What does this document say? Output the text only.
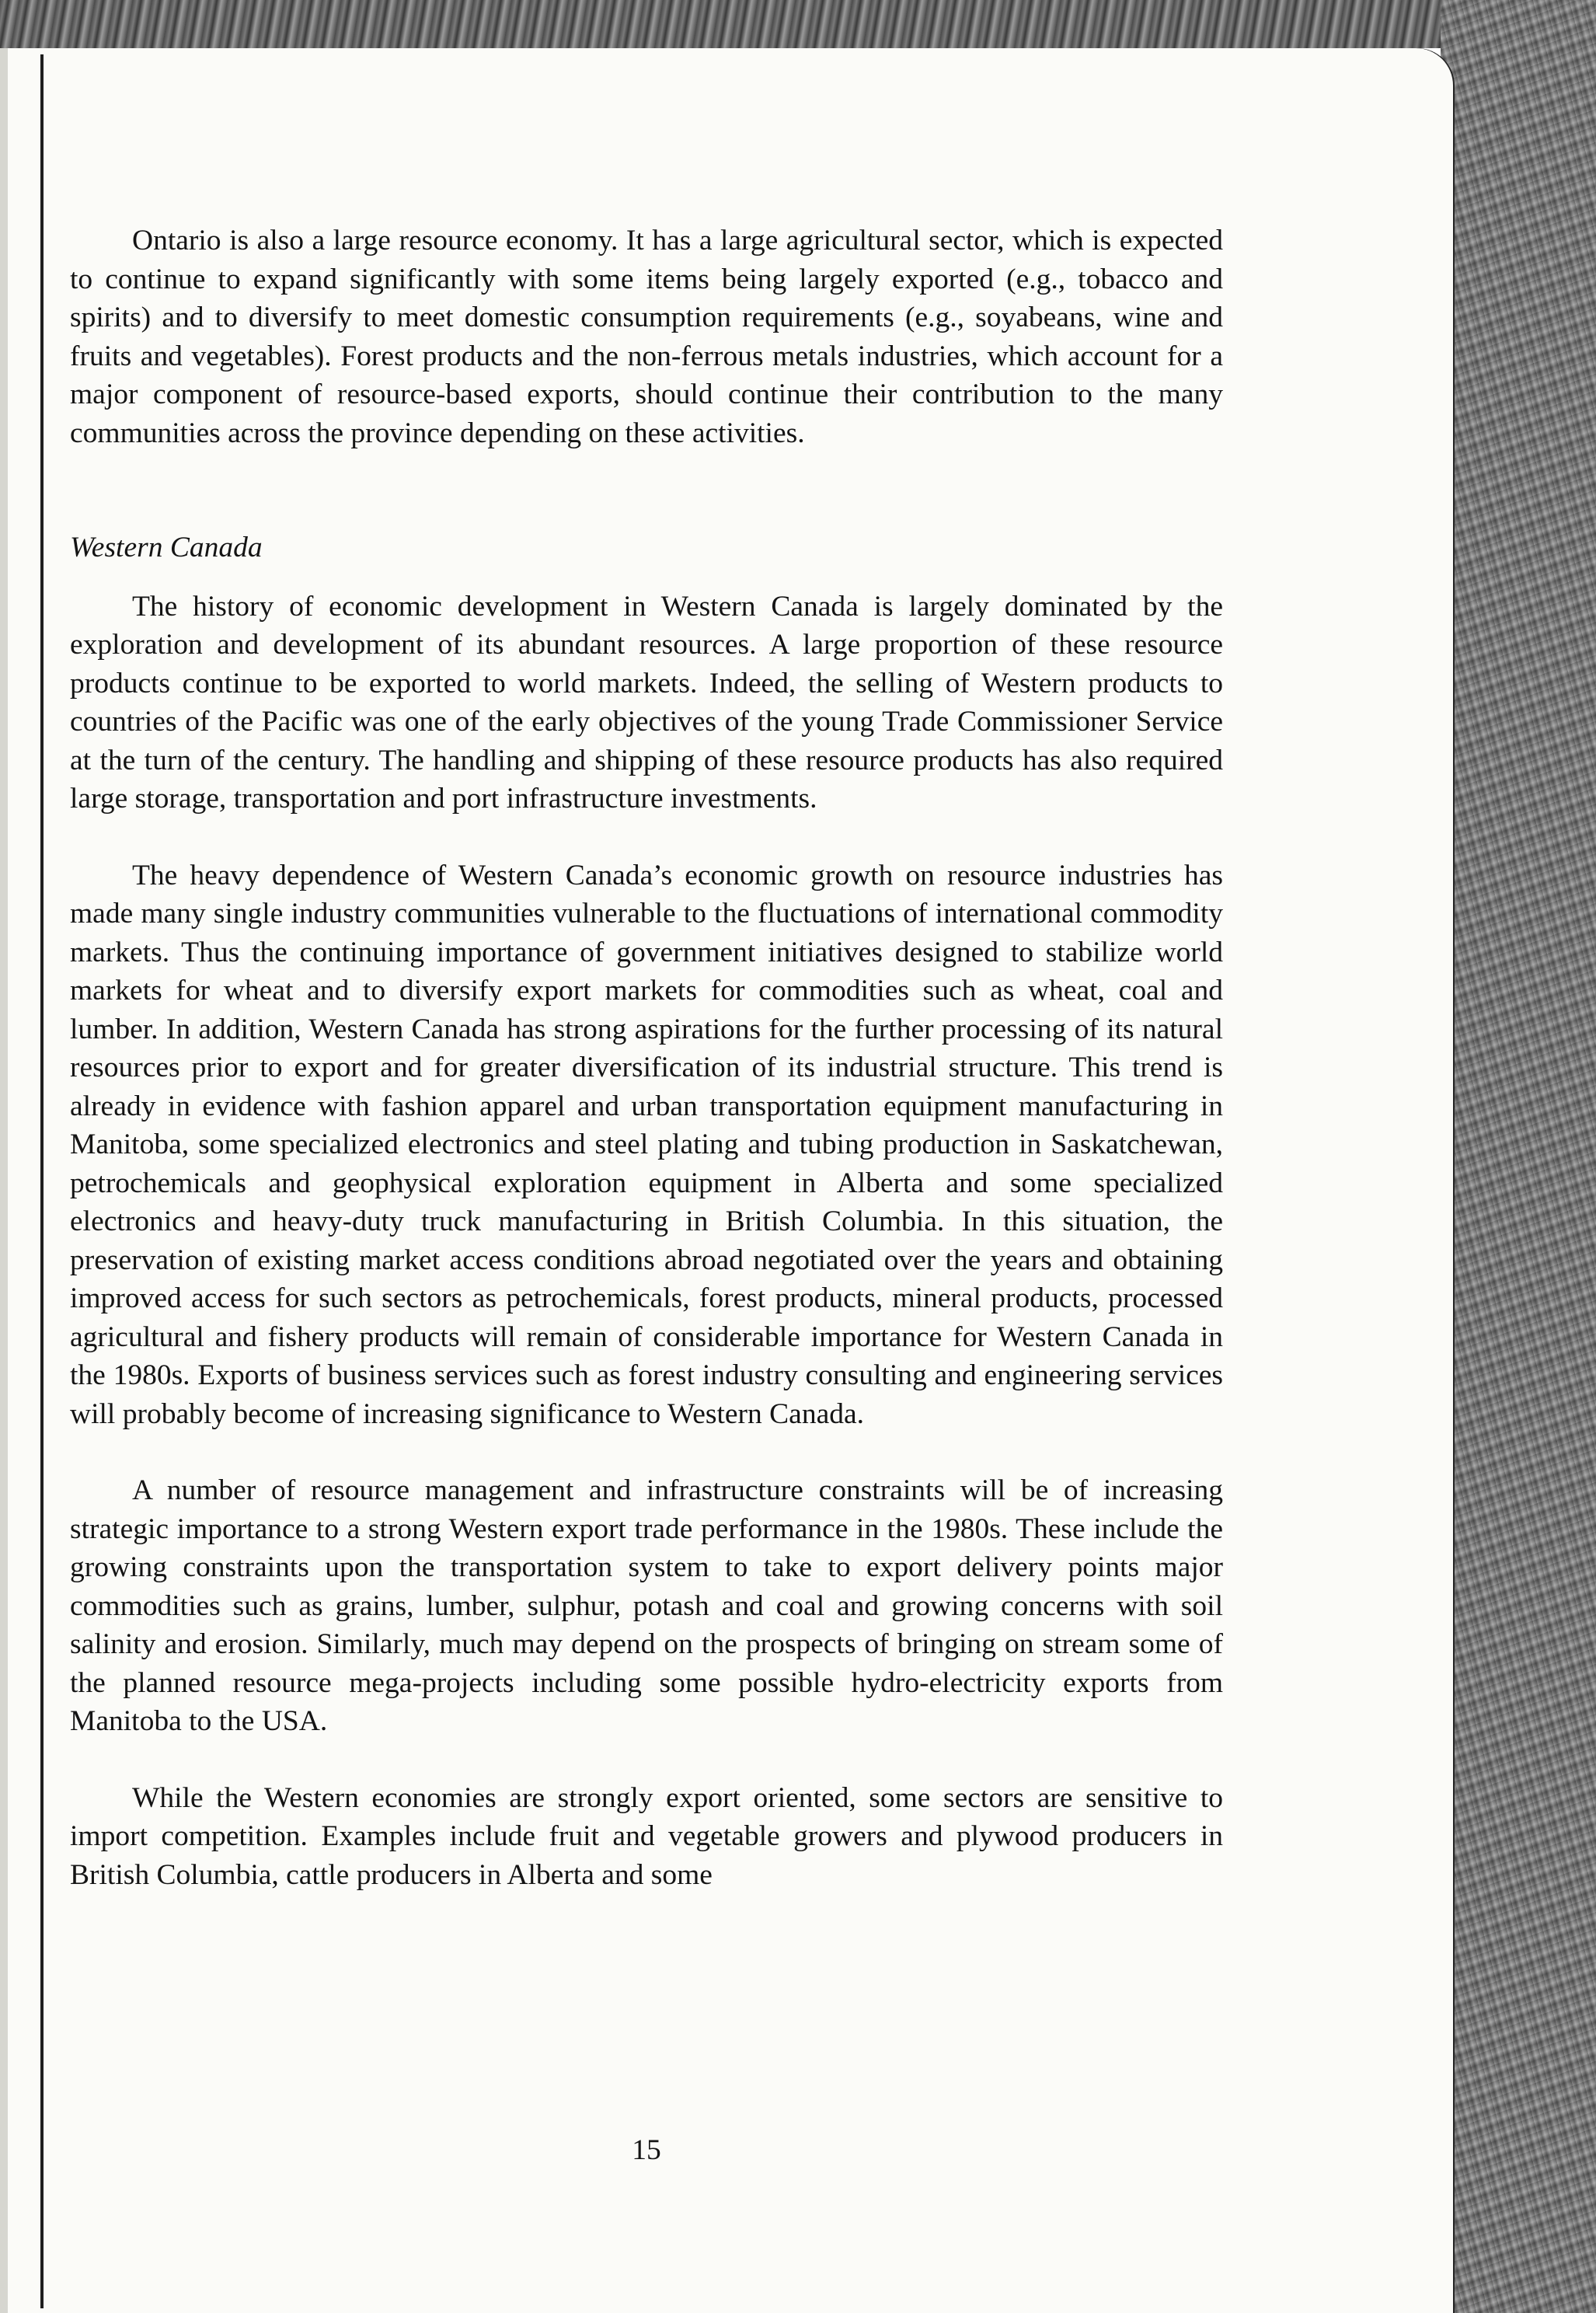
Ontario is also a large resource economy. It has a large agricultural sector, which is expected to continue to expand significantly with some items being largely exported (e.g., tobacco and spirits) and to diversify to meet domestic consumption requirements (e.g., soyabeans, wine and fruits and vegetables). Forest products and the non-ferrous metals industries, which account for a major component of resource-based exports, should continue their contribution to the many communities across the province depending on these activities.

Western Canada

The history of economic development in Western Canada is largely dominated by the exploration and development of its abundant resources. A large proportion of these resource products continue to be exported to world markets. Indeed, the selling of Western products to countries of the Pacific was one of the early objectives of the young Trade Commissioner Service at the turn of the century. The handling and shipping of these resource products has also required large storage, transportation and port infrastructure investments.

The heavy dependence of Western Canada’s economic growth on resource industries has made many single industry communities vulnerable to the fluctuations of international commodity markets. Thus the continuing importance of government initiatives designed to stabilize world markets for wheat and to diversify export markets for commodities such as wheat, coal and lumber. In addition, Western Canada has strong aspirations for the further processing of its natural resources prior to export and for greater diversification of its industrial structure. This trend is already in evidence with fashion apparel and urban transportation equipment manufacturing in Manitoba, some specialized electronics and steel plating and tubing production in Saskatchewan, petrochemicals and geophysical exploration equipment in Alberta and some specialized electronics and heavy-duty truck manufacturing in British Columbia. In this situation, the preservation of existing market access conditions abroad negotiated over the years and obtaining improved access for such sectors as petrochemicals, forest products, mineral products, processed agricultural and fishery products will remain of considerable importance for Western Canada in the 1980s. Exports of business services such as forest industry consulting and engineering services will probably become of increasing significance to Western Canada.

A number of resource management and infrastructure constraints will be of increasing strategic importance to a strong Western export trade performance in the 1980s. These include the growing constraints upon the transportation system to take to export delivery points major commodities such as grains, lumber, sulphur, potash and coal and growing concerns with soil salinity and erosion. Similarly, much may depend on the prospects of bringing on stream some of the planned resource mega-projects including some possible hydro-electricity exports from Manitoba to the USA.

While the Western economies are strongly export oriented, some sectors are sensitive to import competition. Examples include fruit and vegetable growers and plywood producers in British Columbia, cattle producers in Alberta and some

15
